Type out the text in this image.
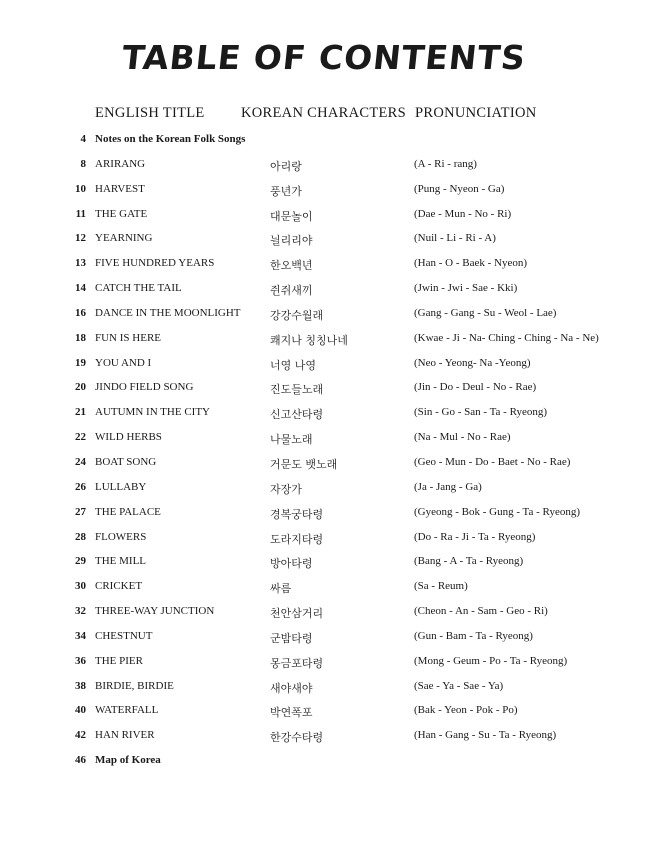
TABLE OF CONTENTS
ENGLISH TITLE	KOREAN CHARACTERS PRONUNCIATION
4 Notes on the Korean Folk Songs
8 ARIRANG	아리랑	(A - Ri - rang)
10 HARVEST	풍년가	(Pung - Nyeon - Ga)
11 THE GATE	대문놀이	(Dae - Mun - No - Ri)
12 YEARNING	늴리리야	(Nuil - Li - Ri - A)
13 FIVE HUNDRED YEARS	한오백년	(Han - O - Baek - Nyeon)
14 CATCH THE TAIL	쥔쥐새끼	(Jwin - Jwi - Sae - Kki)
16 DANCE IN THE MOONLIGHT	강강수월래	(Gang - Gang - Su - Weol - Lae)
18 FUN IS HERE	쾌지나 칭칭나네	(Kwae - Ji - Na- Ching - Ching - Na - Ne)
19 YOU AND I	너영 나영	(Neo - Yeong- Na -Yeong)
20 JINDO FIELD SONG	진도들노래	(Jin - Do - Deul - No - Rae)
21 AUTUMN IN THE CITY	신고산타령	(Sin - Go - San - Ta - Ryeong)
22 WILD HERBS	나물노래	(Na - Mul - No - Rae)
24 BOAT SONG	거문도 뱃노래	(Geo - Mun - Do - Baet - No - Rae)
26 LULLABY	자장가	(Ja - Jang - Ga)
27 THE PALACE	경복궁타령	(Gyeong - Bok - Gung - Ta - Ryeong)
28 FLOWERS	도라지타령	(Do - Ra - Ji - Ta - Ryeong)
29 THE MILL	방아타령	(Bang - A - Ta - Ryeong)
30 CRICKET	싸름	(Sa - Reum)
32 THREE-WAY JUNCTION	천안삼거리	(Cheon - An - Sam - Geo - Ri)
34 CHESTNUT	군밤타령	(Gun - Bam - Ta - Ryeong)
36 THE PIER	몽금포타령	(Mong - Geum - Po - Ta - Ryeong)
38 BIRDIE, BIRDIE	새야새야	(Sae - Ya - Sae - Ya)
40 WATERFALL	박연폭포	(Bak - Yeon - Pok - Po)
42 HAN RIVER	한강수타령	(Han - Gang - Su - Ta - Ryeong)
46 Map of Korea
